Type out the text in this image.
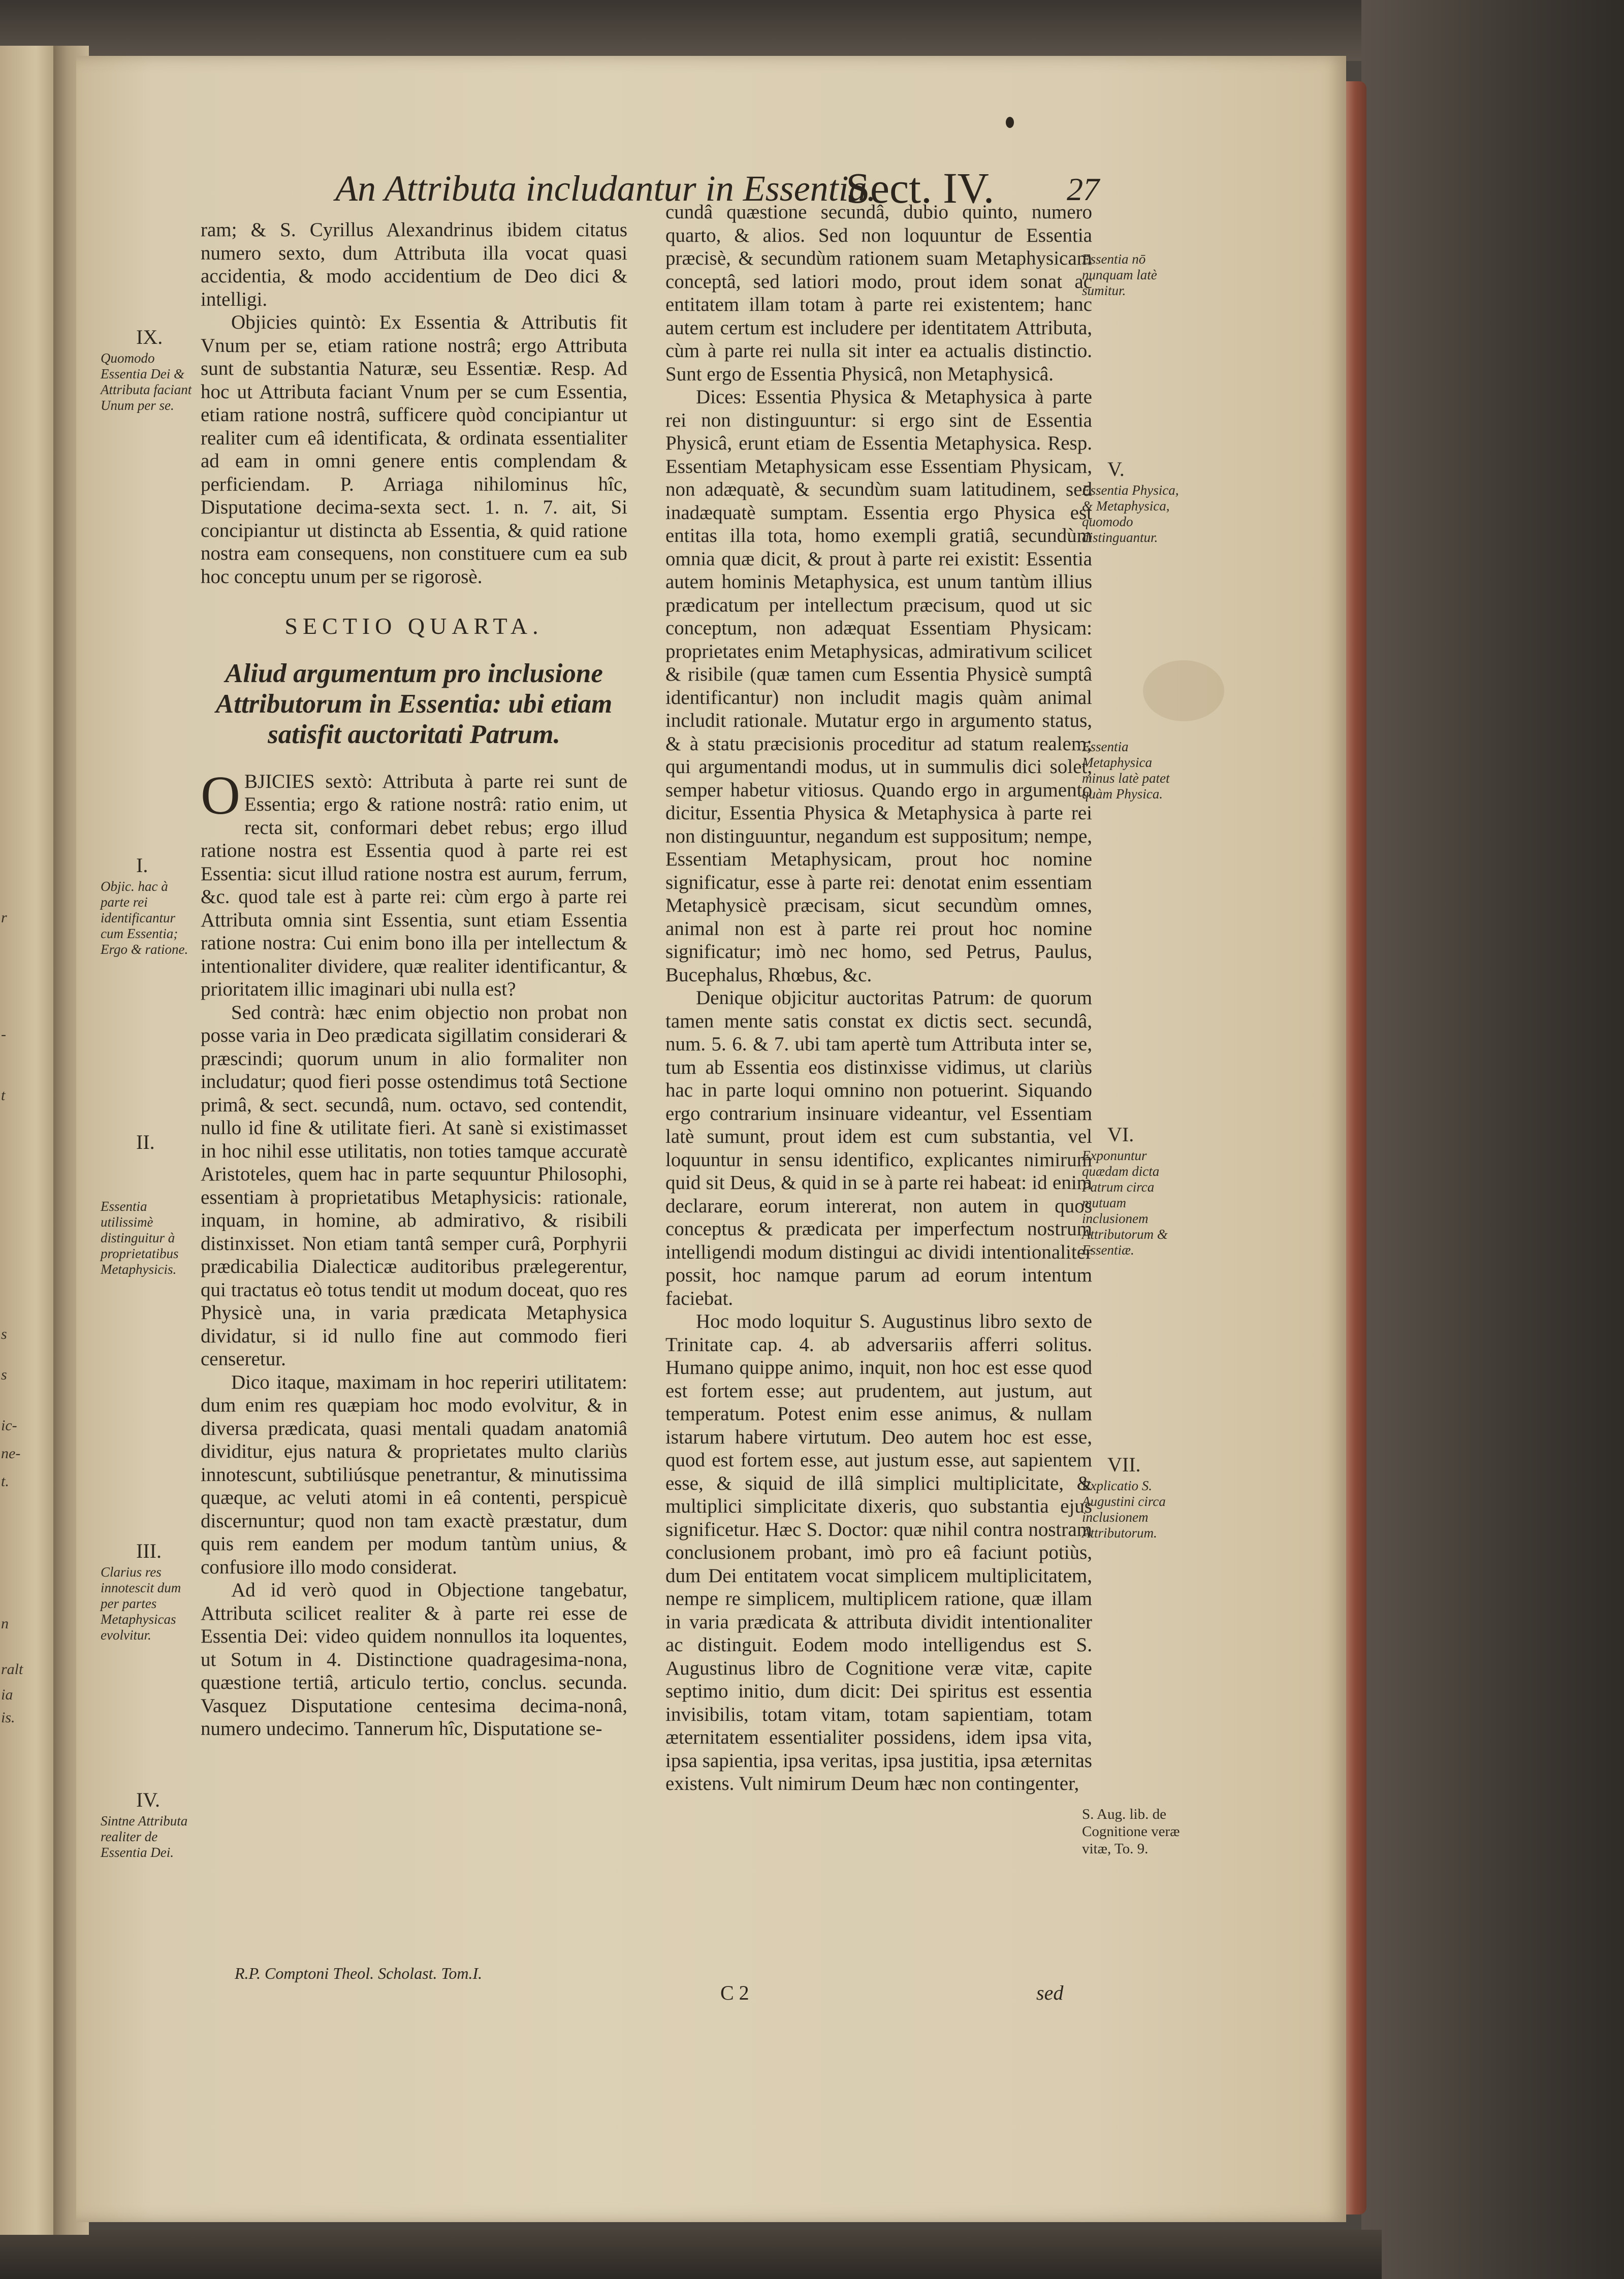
r
-
t
s
s
ic-
ne-
t.
n
ralt
ia
is.
An Attributa includantur in Essentia.
Sect. IV. 27

ram; & S. Cyrillus Alexandrinus ibidem citatus numero sexto, dum Attributa illa vocat quasi accidentia, & modo accidentium de Deo dici & intelligi.

Objicies quintò: Ex Essentia & Attributis fit Vnum per se, etiam ratione nostrâ; ergo Attributa sunt de substantia Naturæ, seu Essentiæ. Resp. Ad hoc ut Attributa faciant Vnum per se cum Essentia, etiam ratione nostrâ, sufficere quòd concipiantur ut realiter cum eâ identificata, & ordinata essentialiter ad eam in omni genere entis complendam & perficiendam. P. Arriaga nihilominus hîc, Disputatione decima-sexta sect. 1. n. 7. ait, Si concipiantur ut distincta ab Essentia, & quid ratione nostra eam consequens, non constituere cum ea sub hoc conceptu unum per se rigorosè.

SECTIO QUARTA.
Aliud argumentum pro inclusione Attributorum in Essentia: ubi etiam satisfit auctoritati Patrum.

OBJICIES sextò: Attributa à parte rei sunt de Essentia; ergo & ratione nostrâ: ratio enim, ut recta sit, conformari debet rebus; ergo illud ratione nostra est Essentia quod à parte rei est Essentia: sicut illud ratione nostra est aurum, ferrum, &c. quod tale est à parte rei: cùm ergo à parte rei Attributa omnia sint Essentia, sunt etiam Essentia ratione nostra: Cui enim bono illa per intellectum & intentionaliter dividere, quæ realiter identificantur, & prioritatem illic imaginari ubi nulla est?

Sed contrà: hæc enim objectio non probat non posse varia in Deo prædicata sigillatim considerari & præscindi; quorum unum in alio formaliter non includatur; quod fieri posse ostendimus totâ Sectione primâ, & sect. secundâ, num. octavo, sed contendit, nullo id fine & utilitate fieri. At sanè si existimasset in hoc nihil esse utilitatis, non toties tamque accuratè Aristoteles, quem hac in parte sequuntur Philosophi, essentiam à proprietatibus Metaphysicis: rationale, inquam, in homine, ab admirativo, & risibili distinxisset. Non etiam tantâ semper curâ, Porphyrii prædicabilia Dialecticæ auditoribus prælegerentur, qui tractatus eò totus tendit ut modum doceat, quo res Physicè una, in varia prædicata Metaphysica dividatur, si id nullo fine aut commodo fieri censeretur.

Dico itaque, maximam in hoc reperiri utilitatem: dum enim res quæpiam hoc modo evolvitur, & in diversa prædicata, quasi mentali quadam anatomiâ dividitur, ejus natura & proprietates multo clariùs innotescunt, subtiliúsque penetrantur, & minutissima quæque, ac veluti atomi in eâ contenti, perspicuè discernuntur; quod non tam exactè præstatur, dum quis rem eandem per modum tantùm unius, & confusiore illo modo considerat.

Ad id verò quod in Objectione tangebatur, Attributa scilicet realiter & à parte rei esse de Essentia Dei: video quidem nonnullos ita loquentes, ut Sotum in 4. Distinctione quadragesima-nona, quæstione tertiâ, articulo tertio, conclus. secunda. Vasquez Disputatione centesima decima-nonâ, numero undecimo. Tannerum hîc, Disputatione se-

cundâ quæstione secundâ, dubio quinto, numero quarto, & alios. Sed non loquuntur de Essentia præcisè, & secundùm rationem suam Metaphysicam conceptâ, sed latiori modo, prout idem sonat ac entitatem illam totam à parte rei existentem; hanc autem certum est includere per identitatem Attributa, cùm à parte rei nulla sit inter ea actualis distinctio. Sunt ergo de Essentia Physicâ, non Metaphysicâ.

Dices: Essentia Physica & Metaphysica à parte rei non distinguuntur: si ergo sint de Essentia Physicâ, erunt etiam de Essentia Metaphysica. Resp. Essentiam Metaphysicam esse Essentiam Physicam, non adæquatè, & secundùm suam latitudinem, sed inadæquatè sumptam. Essentia ergo Physica est entitas illa tota, homo exempli gratiâ, secundùm omnia quæ dicit, & prout à parte rei existit: Essentia autem hominis Metaphysica, est unum tantùm illius prædicatum per intellectum præcisum, quod ut sic conceptum, non adæquat Essentiam Physicam: proprietates enim Metaphysicas, admirativum scilicet & risibile (quæ tamen cum Essentia Physicè sumptâ identificantur) non includit magis quàm animal includit rationale. Mutatur ergo in argumento status, & à statu præcisionis proceditur ad statum realem; qui argumentandi modus, ut in summulis dici solet, semper habetur vitiosus. Quando ergo in argumento dicitur, Essentia Physica & Metaphysica à parte rei non distinguuntur, negandum est suppositum; nempe, Essentiam Metaphysicam, prout hoc nomine significatur, esse à parte rei: denotat enim essentiam Metaphysicè præcisam, sicut secundùm omnes, animal non est à parte rei prout hoc nomine significatur; imò nec homo, sed Petrus, Paulus, Bucephalus, Rhœbus, &c.

Denique objicitur auctoritas Patrum: de quorum tamen mente satis constat ex dictis sect. secundâ, num. 5. 6. & 7. ubi tam apertè tum Attributa inter se, tum ab Essentia eos distinxisse vidimus, ut clariùs hac in parte loqui omnino non potuerint. Siquando ergo contrarium insinuare videantur, vel Essentiam latè sumunt, prout idem est cum substantia, vel loquuntur in sensu identifico, explicantes nimirum quid sit Deus, & quid in se à parte rei habeat: id enim declarare, eorum intererat, non autem in quos conceptus & prædicata per imperfectum nostrum intelligendi modum distingui ac dividi intentionaliter possit, hoc namque parum ad eorum intentum faciebat.

Hoc modo loquitur S. Augustinus libro sexto de Trinitate cap. 4. ab adversariis afferri solitus. Humano quippe animo, inquit, non hoc est esse quod est fortem esse; aut prudentem, aut justum, aut temperatum. Potest enim esse animus, & nullam istarum habere virtutum. Deo autem hoc est esse, quod est fortem esse, aut justum esse, aut sapientem esse, & siquid de illâ simplici multiplicitate, & multiplici simplicitate dixeris, quo substantia ejus significetur. Hæc S. Doctor: quæ nihil contra nostram conclusionem probant, imò pro eâ faciunt potiùs, dum Dei entitatem vocat simplicem multiplicitatem, nempe re simplicem, multiplicem ratione, quæ illam in varia prædicata & attributa dividit intentionaliter ac distinguit. Eodem modo intelligendus est S. Augustinus libro de Cognitione veræ vitæ, capite septimo initio, dum dicit: Dei spiritus est essentia invisibilis, totam vitam, totam sapientiam, totam æternitatem essentialiter possidens, idem ipsa vita, ipsa sapientia, ipsa veritas, ipsa justitia, ipsa æternitas existens. Vult nimirum Deum hæc non contingenter,

IX.
Quomodo Essentia Dei & Attributa faciant Unum per se.
I.
Objic. hac à parte rei identificantur cum Essentia; Ergo & ratione.
II.
Essentia utilissimè distinguitur à proprietatibus Metaphysicis.
III.
Clarius res innotescit dum per partes Metaphysicas evolvitur.
IV.
Sintne Attributa realiter de Essentia Dei.
Essentia nō nunquam latè sumitur.
V.
Essentia Physica, & Metaphysica, quomodo distinguantur.
Essentia Metaphysica minus latè patet quàm Physica.
VI.
Exponuntur quædam dicta Patrum circa mutuam inclusionem Attributorum & Essentiæ.
VII.
Explicatio S. Augustini circa inclusionem Attributorum.
S. Aug. lib. de Cognitione veræ vitæ, To. 9.
R.P. Comptoni Theol. Scholast. Tom.I.
C 2	sed
